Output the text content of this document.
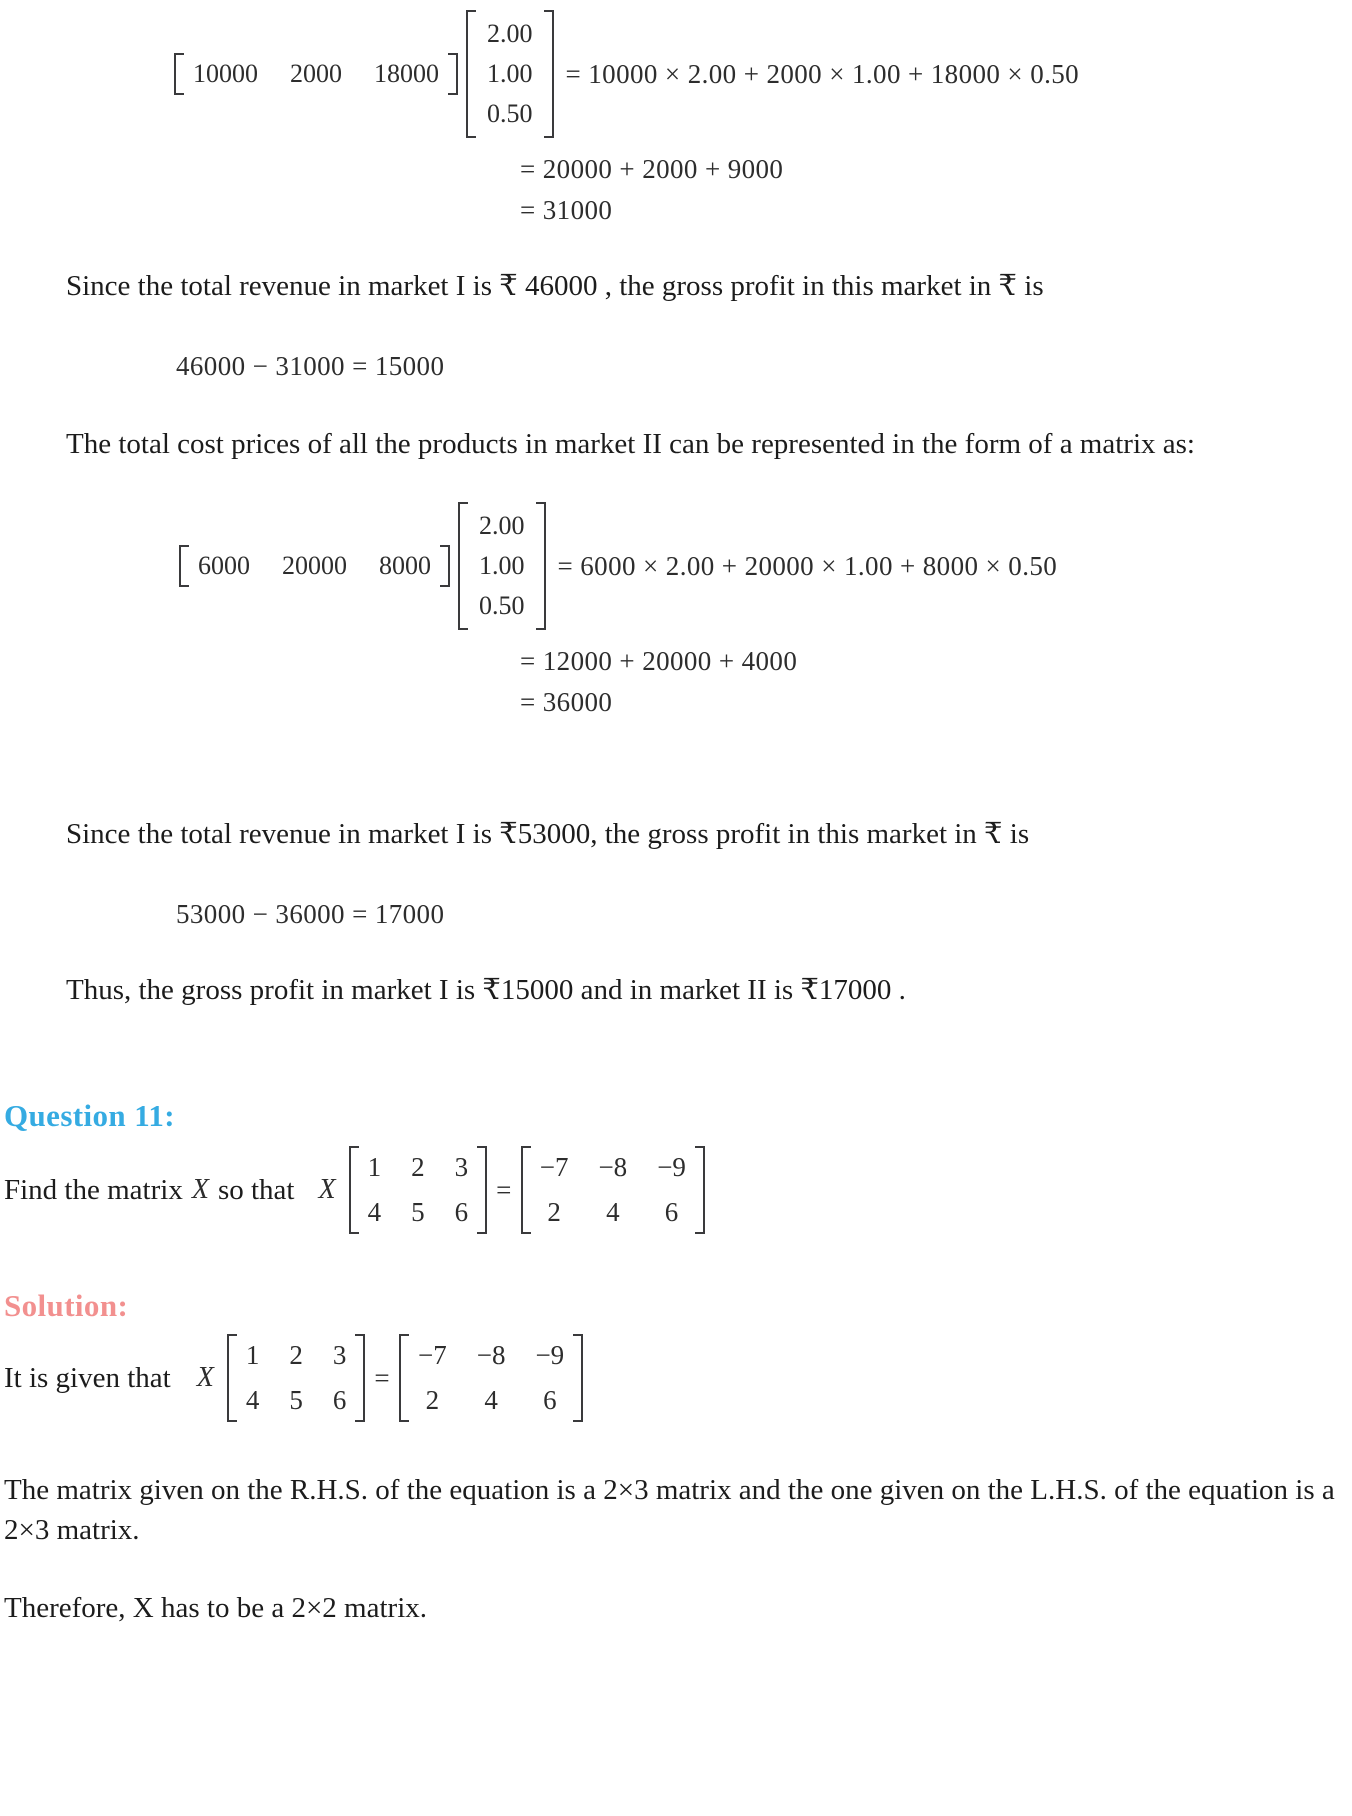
10000 2000 18000
2.00
1.00
0.50
= 10000 × 2.00 + 2000 × 1.00 + 18000 × 0.50
= 20000 + 2000 + 9000
= 31000

Since the total revenue in market I is ₹ 46000 , the gross profit in this market in ₹ is

46000 − 31000 = 15000

The total cost prices of all the products in market II can be represented in the form of a matrix as:

6000 20000 8000
2.00
1.00
0.50
= 6000 × 2.00 + 20000 × 1.00 + 8000 × 0.50
= 12000 + 20000 + 4000
= 36000

Since the total revenue in market I is ₹53000, the gross profit in this market in ₹ is

53000 − 36000 = 17000

Thus, the gross profit in market I is ₹15000 and in market II is ₹17000 .

Question 11:
Find the matrix X so that X
1 2 3
4 5 6
=
−7 −8 −9
2 4 6
Solution:
It is given that X
1 2 3
4 5 6
=
−7 −8 −9
2 4 6

The matrix given on the R.H.S. of the equation is a 2×3 matrix and the one given on the L.H.S. of the equation is a 2×3 matrix.

Therefore, X has to be a 2×2 matrix.
